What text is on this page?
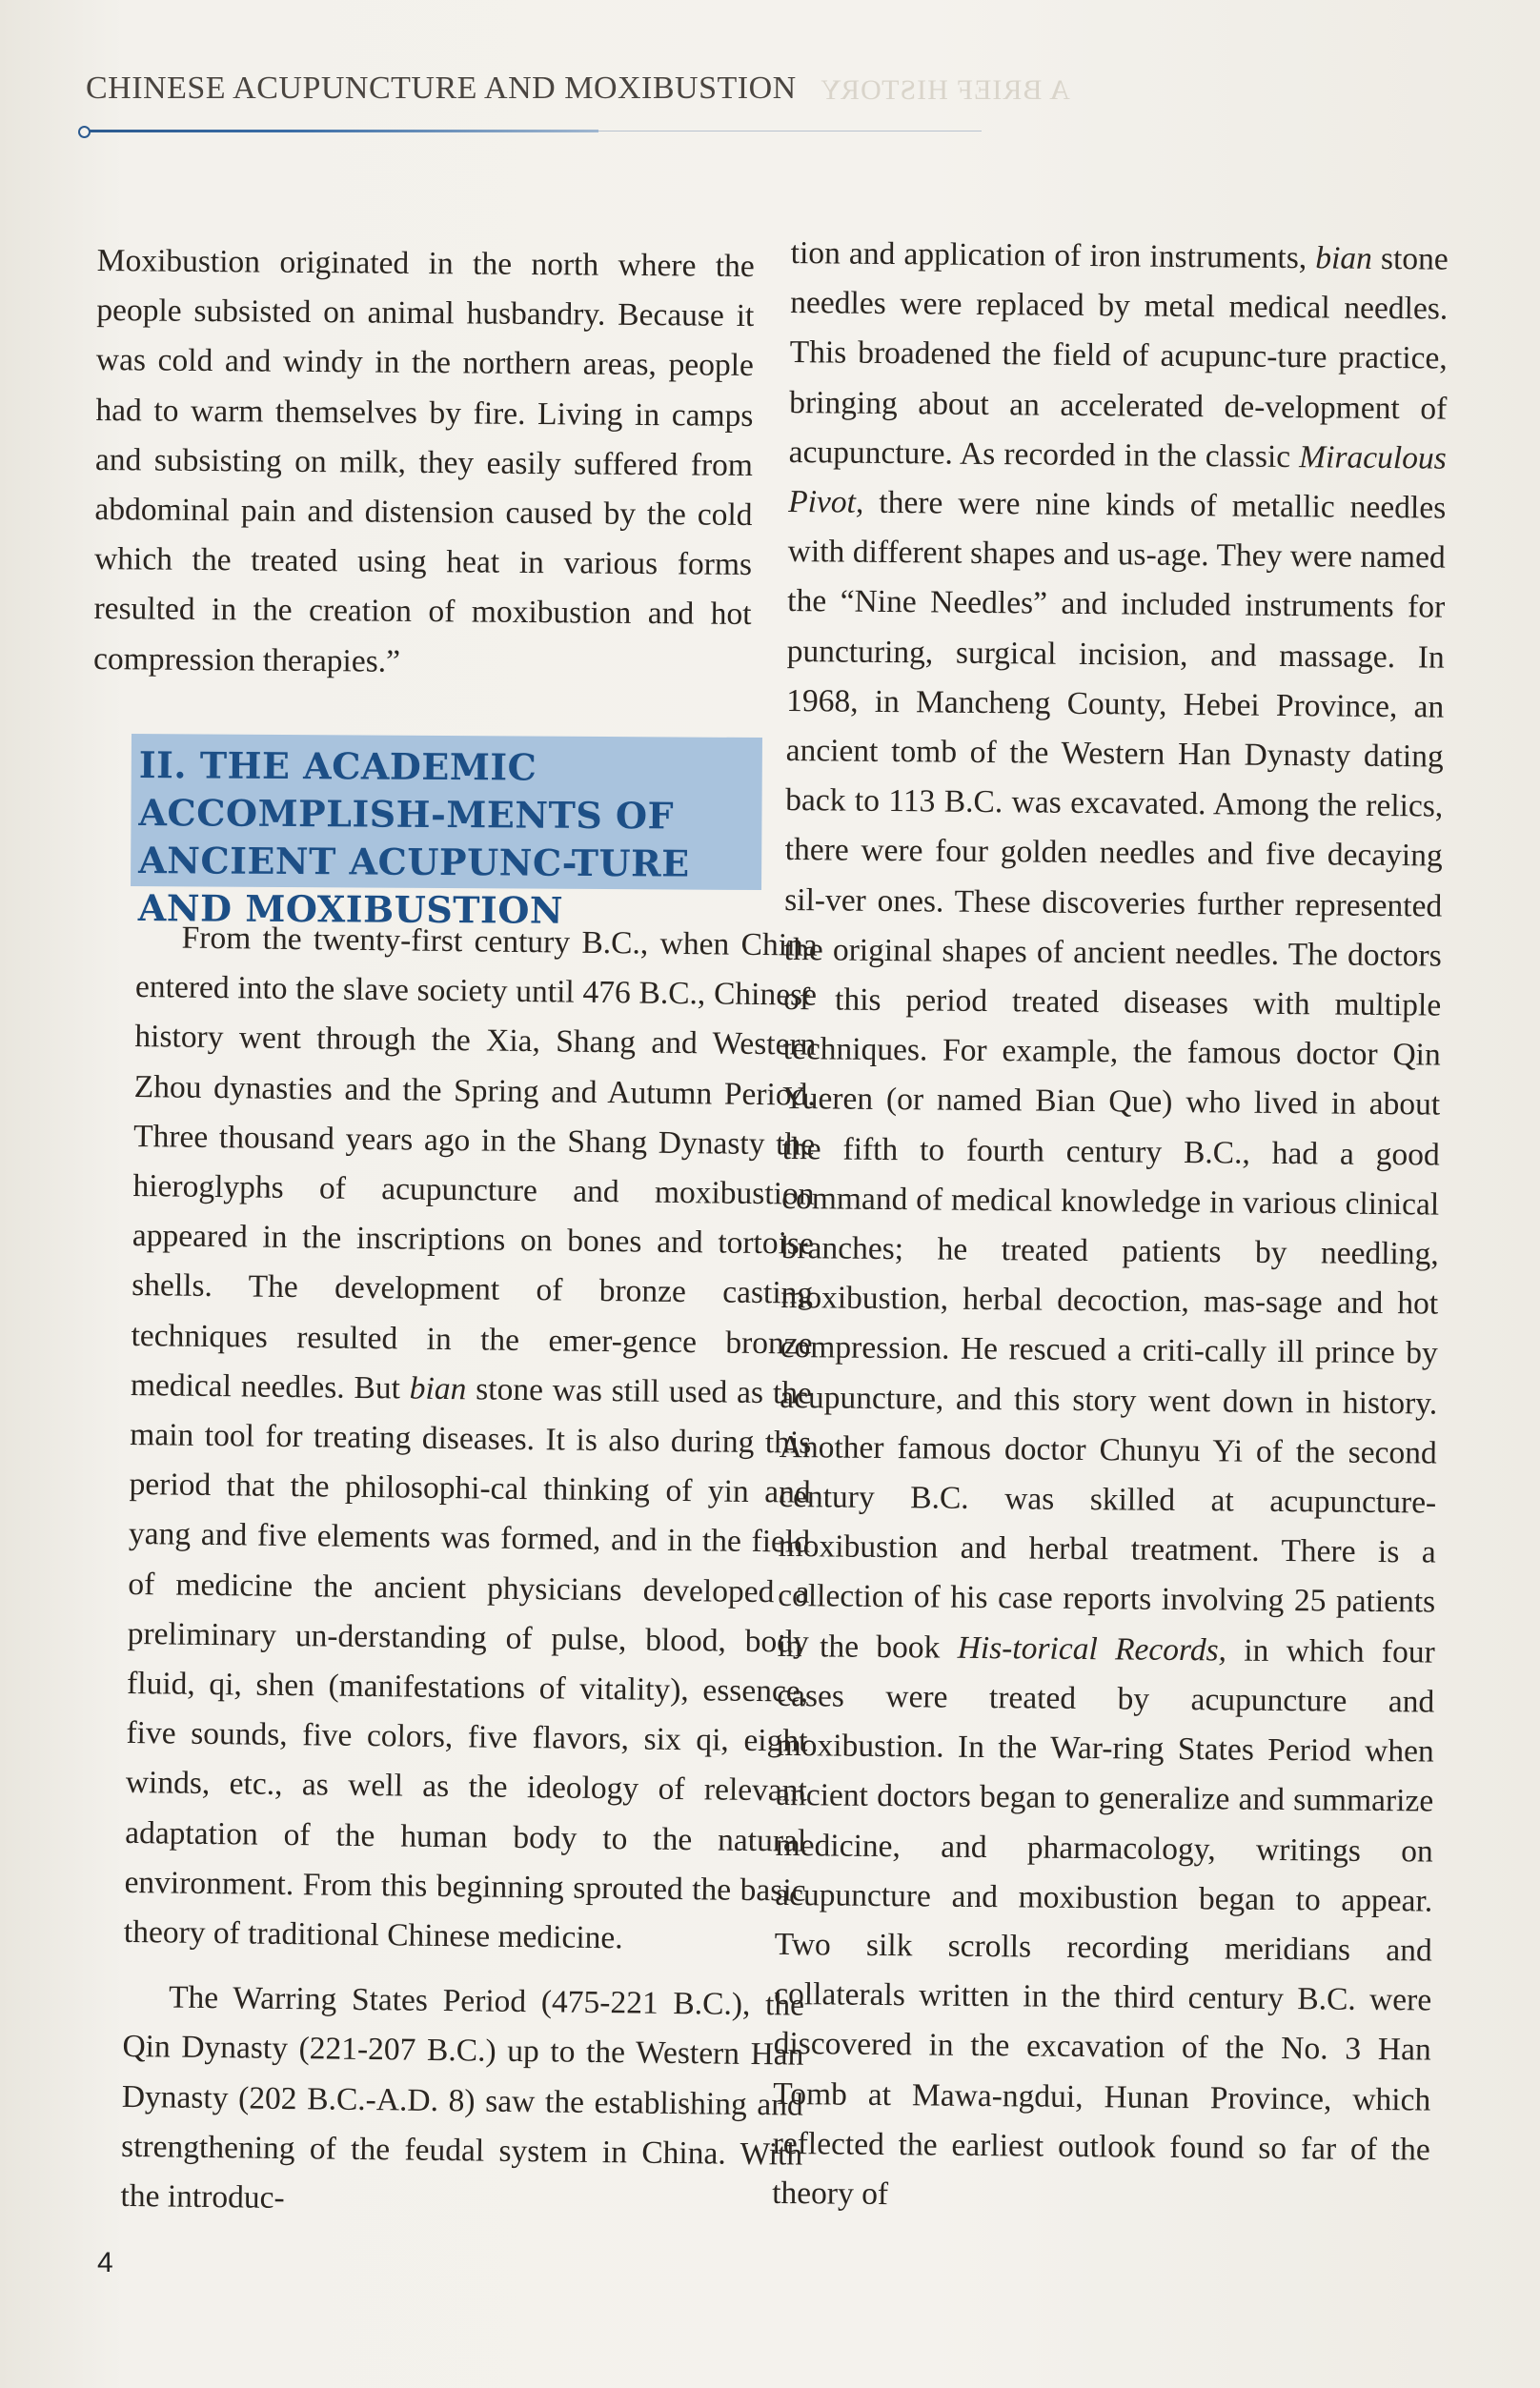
CHINESE ACUPUNCTURE AND MOXIBUSTION A BRIEF HISTORY

Moxibustion originated in the north where the people subsisted on animal husbandry. Because it was cold and windy in the northern areas, people had to warm themselves by fire. Living in camps and subsisting on milk, they easily suffered from abdominal pain and distension caused by the cold which the treated using heat in various forms resulted in the creation of moxibustion and hot compression therapies.”

II. THE ACADEMIC ACCOMPLISH-MENTS OF ANCIENT ACUPUNC-TURE AND MOXIBUSTION

From the twenty-first century B.C., when China entered into the slave society until 476 B.C., Chinese history went through the Xia, Shang and Western Zhou dynasties and the Spring and Autumn Period. Three thousand years ago in the Shang Dynasty the hieroglyphs of acupuncture and moxibustion appeared in the inscriptions on bones and tortoise shells. The development of bronze casting techniques resulted in the emer-gence bronze medical needles. But bian stone was still used as the main tool for treating diseases. It is also during this period that the philosophi-cal thinking of yin and yang and five elements was formed, and in the field of medicine the ancient physicians developed a preliminary un-derstanding of pulse, blood, body fluid, qi, shen (manifestations of vitality), essence, five sounds, five colors, five flavors, six qi, eight winds, etc., as well as the ideology of relevant adaptation of the human body to the natural environment. From this beginning sprouted the basic theory of traditional Chinese medicine.

The Warring States Period (475-221 B.C.), the Qin Dynasty (221-207 B.C.) up to the Western Han Dynasty (202 B.C.-A.D. 8) saw the establishing and strengthening of the feudal system in China. With the introduc-

tion and application of iron instruments, bian stone needles were replaced by metal medical needles. This broadened the field of acupunc-ture practice, bringing about an accelerated de-velopment of acupuncture. As recorded in the classic Miraculous Pivot, there were nine kinds of metallic needles with different shapes and us-age. They were named the “Nine Needles” and included instruments for puncturing, surgical incision, and massage. In 1968, in Mancheng County, Hebei Province, an ancient tomb of the Western Han Dynasty dating back to 113 B.C. was excavated. Among the relics, there were four golden needles and five decaying sil-ver ones. These discoveries further represented the original shapes of ancient needles. The doctors of this period treated diseases with multiple techniques. For example, the famous doctor Qin Yueren (or named Bian Que) who lived in about the fifth to fourth century B.C., had a good command of medical knowledge in various clinical branches; he treated patients by needling, moxibustion, herbal decoction, mas-sage and hot compression. He rescued a criti-cally ill prince by acupuncture, and this story went down in history. Another famous doctor Chunyu Yi of the second century B.C. was skilled at acupuncture-moxibustion and herbal treatment. There is a collection of his case reports involving 25 patients in the book His-torical Records, in which four cases were treated by acupuncture and moxibustion. In the War-ring States Period when ancient doctors began to generalize and summarize medicine, and pharmacology, writings on acupuncture and moxibustion began to appear. Two silk scrolls recording meridians and collaterals written in the third century B.C. were discovered in the excavation of the No. 3 Han Tomb at Mawa-ngdui, Hunan Province, which reflected the earliest outlook found so far of the theory of

4
